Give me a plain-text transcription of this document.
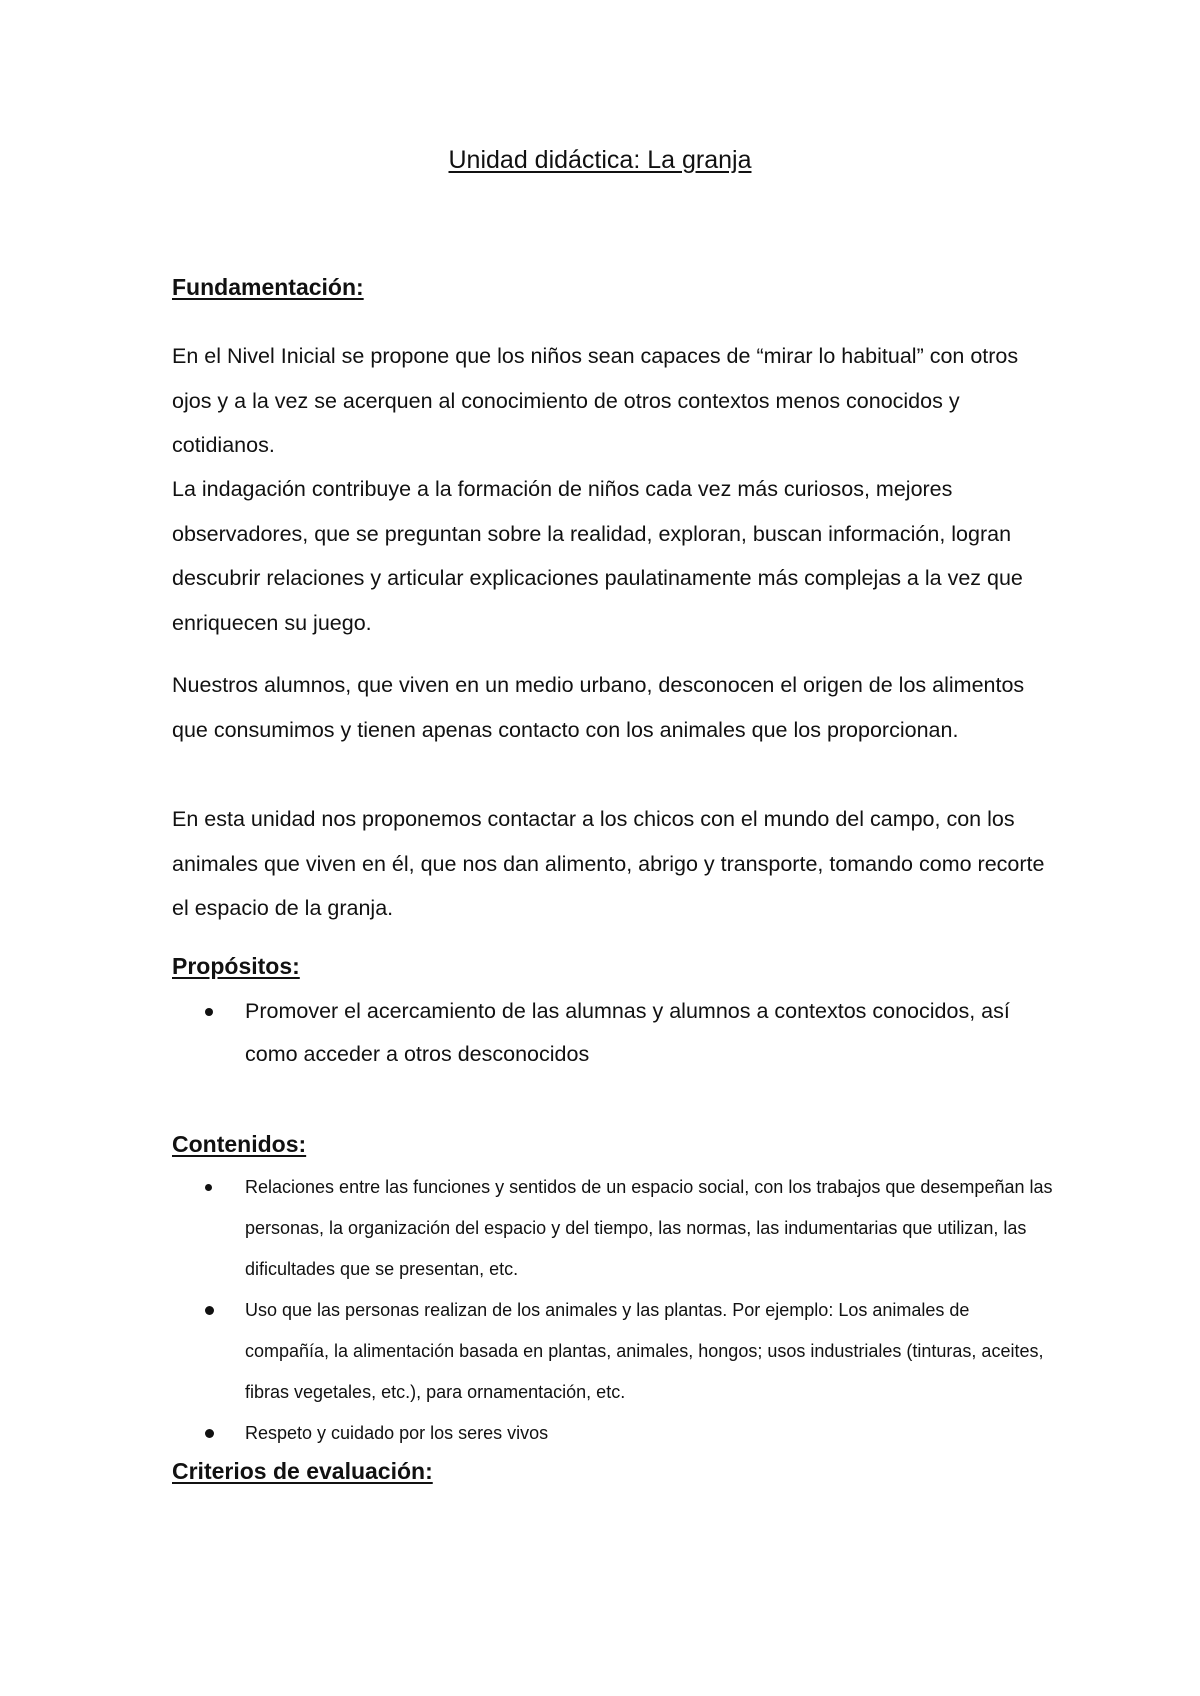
Unidad didáctica: La granja
Fundamentación:

En el Nivel Inicial se propone que los niños sean capaces de “mirar lo habitual” con otros ojos y a la vez se acerquen al conocimiento de otros contextos menos conocidos y cotidianos.

La indagación contribuye a la formación de niños cada vez más curiosos, mejores observadores, que se preguntan sobre la realidad, exploran, buscan información, logran descubrir relaciones y articular explicaciones paulatinamente más complejas a la vez que enriquecen su juego.

Nuestros alumnos, que viven en un medio urbano, desconocen el origen de los alimentos que consumimos y tienen apenas contacto con los animales que los proporcionan.

En esta unidad nos proponemos contactar a los chicos con el mundo del campo, con los animales que viven en él, que nos dan alimento, abrigo y transporte, tomando como recorte el espacio de la granja.

Propósitos:
Promover el acercamiento de las alumnas y alumnos a contextos conocidos, así como acceder a otros desconocidos
Contenidos:
Relaciones entre las funciones y sentidos de un espacio social, con los trabajos que desempeñan las personas, la organización del espacio y del tiempo, las normas, las indumentarias que utilizan, las dificultades que se presentan, etc.
Uso que las personas realizan de los animales y las plantas. Por ejemplo: Los animales de compañía, la alimentación basada en plantas, animales, hongos; usos industriales (tinturas, aceites, fibras vegetales, etc.), para ornamentación, etc.
Respeto y cuidado por los seres vivos
Criterios de evaluación:
